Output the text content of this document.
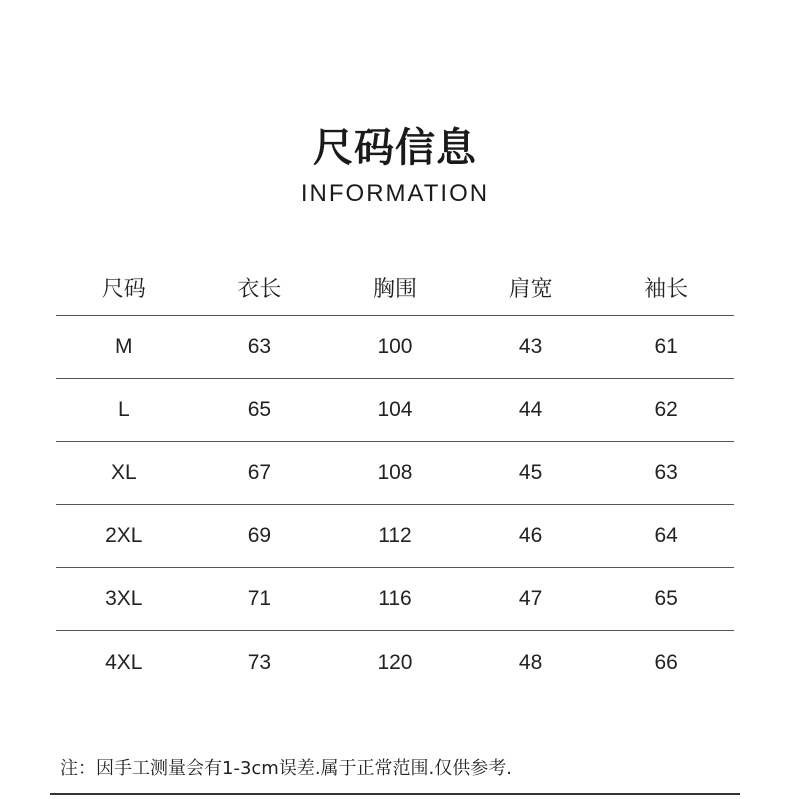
尺码信息
INFORMATION
尺码	衣长	胸围	肩宽	袖长
M	63	100	43	61
L	65	104	44	62
XL	67	108	45	63
2XL	69	112	46	64
3XL	71	116	47	65
4XL	73	120	48	66
注：因手工测量会有1-3cm误差.属于正常范围.仅供参考.
